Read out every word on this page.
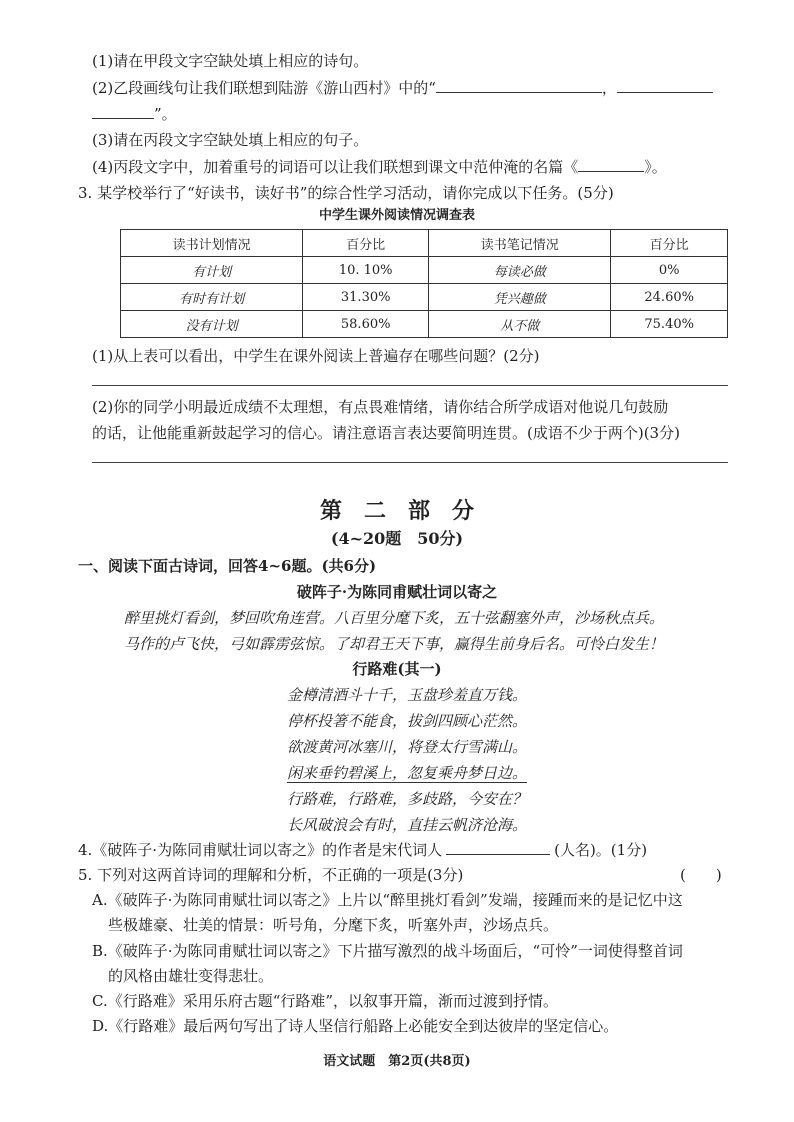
(1)请在甲段文字空缺处填上相应的诗句。
(2)乙段画线句让我们联想到陆游《游山西村》中的“	，
”。
(3)请在丙段文字空缺处填上相应的句子。
(4)丙段文字中，加着重号的词语可以让我们联想到课文中范仲淹的名篇《	》。
3. 某学校举行了“好读书，读好书”的综合性学习活动，请你完成以下任务。(5分)
中学生课外阅读情况调查表
读书计划情况	百分比	读书笔记情况	百分比
有计划	10. 10%	每读必做	0%
有时有计划	31.30%	凭兴趣做	24.60%
没有计划	58.60%	从不做	75.40%
(1)从上表可以看出，中学生在课外阅读上普遍存在哪些问题？(2分)
(2)你的同学小明最近成绩不太理想，有点畏难情绪，请你结合所学成语对他说几句鼓励
的话，让他能重新鼓起学习的信心。请注意语言表达要简明连贯。(成语不少于两个)(3分)
第　二　部　分
(4~20题　50分)
一、阅读下面古诗词，回答4~6题。(共6分)
破阵子·为陈同甫赋壮词以寄之
醉里挑灯看剑，梦回吹角连营。八百里分麾下炙，五十弦翻塞外声，沙场秋点兵。
马作的卢飞快，弓如霹雳弦惊。了却君王天下事，赢得生前身后名。可怜白发生！
行路难(其一)
金樽清酒斗十千，玉盘珍羞直万钱。
停杯投箸不能食，拔剑四顾心茫然。
欲渡黄河冰塞川，将登太行雪满山。
闲来垂钓碧溪上，忽复乘舟梦日边。
行路难，行路难，多歧路，今安在？
长风破浪会有时，直挂云帆济沧海。
4.《破阵子·为陈同甫赋壮词以寄之》的作者是宋代词人	(人名)。(1分)
5. 下列对这两首诗词的理解和分析，不正确的一项是(3分)	(　　)
A.《破阵子·为陈同甫赋壮词以寄之》上片以“醉里挑灯看剑”发端，接踵而来的是记忆中这
些极雄豪、壮美的情景：听号角，分麾下炙，听塞外声，沙场点兵。
B.《破阵子·为陈同甫赋壮词以寄之》下片描写激烈的战斗场面后，“可怜”一词使得整首词
的风格由雄壮变得悲壮。
C.《行路难》采用乐府古题“行路难”，以叙事开篇，渐而过渡到抒情。
D.《行路难》最后两句写出了诗人坚信行船路上必能安全到达彼岸的坚定信心。
语文试题　第2页(共8页)
